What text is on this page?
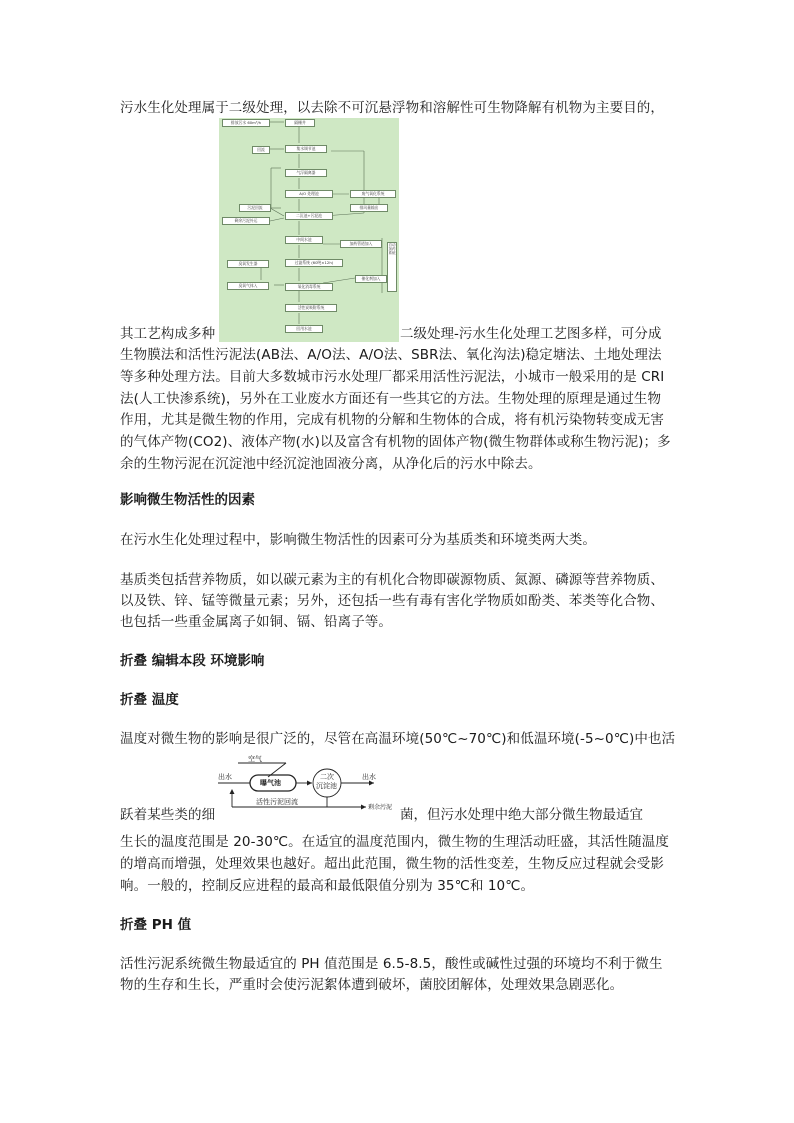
污水生化处理属于二级处理，以去除不可沉悬浮物和溶解性可生物降解有机物为主要目的，
排放污水 60m³/h	隔栅井
回流	集水调节池
气浮隔离器
A/O 处理池	废气氧化系统
排风量输出
污泥回流
二沉池+污泥池
剩余污泥外运
中间水池
加药管道加入
过滤系统 (60吨×12h)
自动加药系统
臭氧发生器
臭氧气体入	氧化消毒系统
催化剂加入
活性炭吸附系统
回用水池
其工艺构成多种	二级处理-污水生化处理工艺图多样，可分成
生物膜法和活性污泥法(AB法、A/O法、A/O法、SBR法、氧化沟法)稳定塘法、土地处理法
等多种处理方法。目前大多数城市污水处理厂都采用活性污泥法，小城市一般采用的是 CRI
法(人工快渗系统)，另外在工业废水方面还有一些其它的方法。生物处理的原理是通过生物
作用，尤其是微生物的作用，完成有机物的分解和生物体的合成，将有机污染物转变成无害
的气体产物(CO2)、液体产物(水)以及富含有机物的固体产物(微生物群体或称生物污泥)；多
余的生物污泥在沉淀池中经沉淀池固液分离，从净化后的污水中除去。
影响微生物活性的因素
在污水生化处理过程中，影响微生物活性的因素可分为基质类和环境类两大类。
基质类包括营养物质，如以碳元素为主的有机化合物即碳源物质、氮源、磷源等营养物质、
以及铁、锌、锰等微量元素；另外，还包括一些有毒有害化学物质如酚类、苯类等化合物、
也包括一些重金属离子如铜、镉、铅离子等。
折叠 编辑本段 环境影响
折叠 温度
温度对微生物的影响是很广泛的，尽管在高温环境(50℃~70℃)和低温环境(-5~0℃)中也活
空气
出水
曝气池
二次
沉淀池
出水
活性污泥回流
剩余污泥
跃着某些类的细	菌，但污水处理中绝大部分微生物最适宜
生长的温度范围是 20-30℃。在适宜的温度范围内，微生物的生理活动旺盛，其活性随温度
的增高而增强，处理效果也越好。超出此范围，微生物的活性变差，生物反应过程就会受影
响。一般的，控制反应进程的最高和最低限值分别为 35℃和 10℃。
折叠 PH 值
活性污泥系统微生物最适宜的 PH 值范围是 6.5-8.5，酸性或碱性过强的环境均不利于微生
物的生存和生长，严重时会使污泥絮体遭到破坏，菌胶团解体，处理效果急剧恶化。
